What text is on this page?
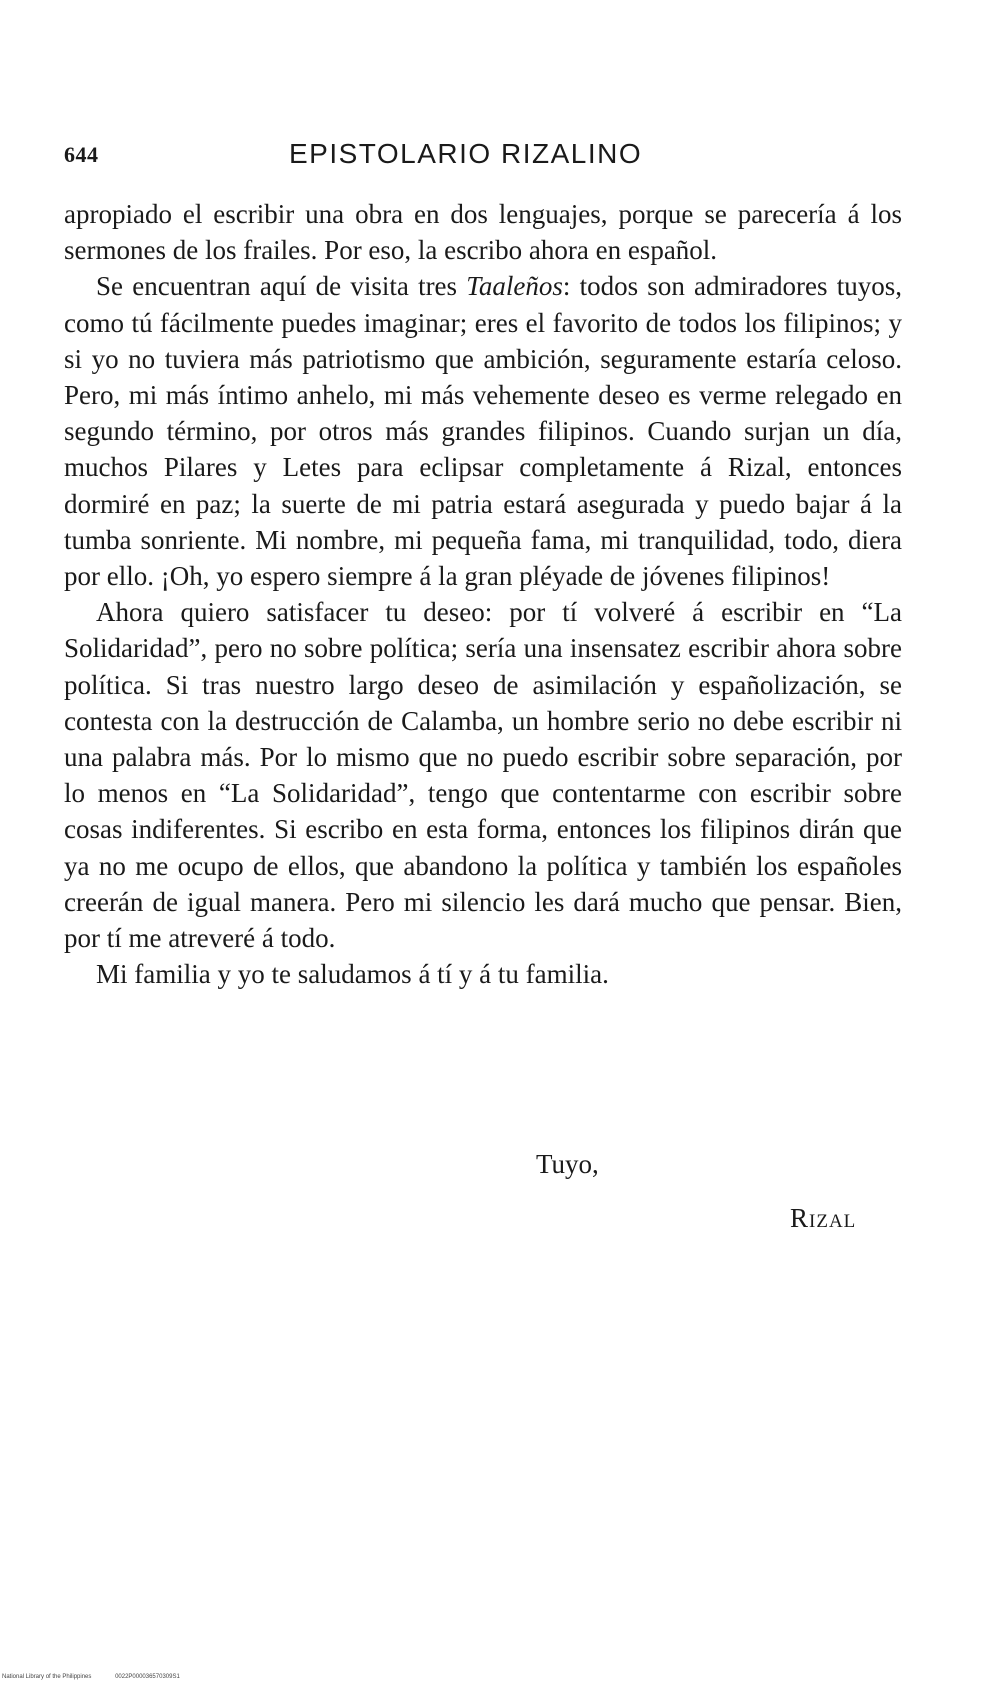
644	EPISTOLARIO RIZALINO

apropiado el escribir una obra en dos lenguajes, porque se parecería á los sermones de los frailes. Por eso, la escribo ahora en español.

Se encuentran aquí de visita tres Taaleños: todos son admiradores tuyos, como tú fácilmente puedes imaginar; eres el favorito de todos los filipinos; y si yo no tuviera más patriotismo que ambición, seguramente estaría celoso. Pero, mi más íntimo anhelo, mi más vehemente deseo es verme relegado en segundo término, por otros más grandes filipinos. Cuando surjan un día, muchos Pilares y Letes para eclipsar completamente á Rizal, entonces dormiré en paz; la suerte de mi patria estará asegurada y puedo bajar á la tumba sonriente. Mi nombre, mi pequeña fama, mi tranquilidad, todo, diera por ello. ¡Oh, yo espero siempre á la gran pléyade de jóvenes filipinos!

Ahora quiero satisfacer tu deseo: por tí volveré á escribir en “La Solidaridad”, pero no sobre política; sería una insensatez escribir ahora sobre política. Si tras nuestro largo deseo de asimilación y españolización, se contesta con la destrucción de Calamba, un hombre serio no debe escribir ni una palabra más. Por lo mismo que no puedo escribir sobre separación, por lo menos en “La Solidaridad”, tengo que contentarme con escribir sobre cosas indiferentes. Si escribo en esta forma, entonces los filipinos dirán que ya no me ocupo de ellos, que abandono la política y también los españoles creerán de igual manera. Pero mi silencio les dará mucho que pensar. Bien, por tí me atreveré á todo.

Mi familia y yo te saludamos á tí y á tu familia.

Tuyo,
Rizal
National Library of the Philippines	0022P000036570309S1
